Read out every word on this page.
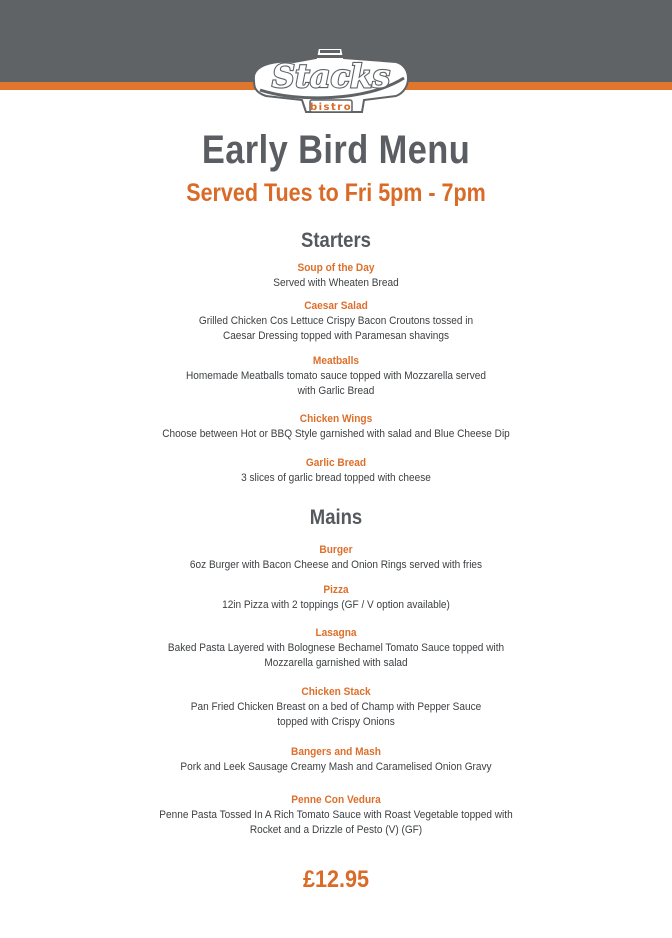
Stacks
bistro
Early Bird Menu
Served Tues to Fri 5pm - 7pm
Starters
Soup of the Day
Served with Wheaten Bread
Caesar Salad
Grilled Chicken Cos Lettuce Crispy Bacon Croutons tossed in
Caesar Dressing topped with Paramesan shavings
Meatballs
Homemade Meatballs tomato sauce topped with Mozzarella served
with Garlic Bread
Chicken Wings
Choose between Hot or BBQ Style garnished with salad and Blue Cheese Dip
Garlic Bread
3 slices of garlic bread topped with cheese
Mains
Burger
6oz Burger with Bacon Cheese and Onion Rings served with fries
Pizza
12in Pizza with 2 toppings (GF / V option available)
Lasagna
Baked Pasta Layered with Bolognese Bechamel Tomato Sauce topped with
Mozzarella garnished with salad
Chicken Stack
Pan Fried Chicken Breast on a bed of Champ with Pepper Sauce
topped with Crispy Onions
Bangers and Mash
Pork and Leek Sausage Creamy Mash and Caramelised Onion Gravy
Penne Con Vedura
Penne Pasta Tossed In A Rich Tomato Sauce with Roast Vegetable topped with
Rocket and a Drizzle of Pesto (V) (GF)
£12.95
